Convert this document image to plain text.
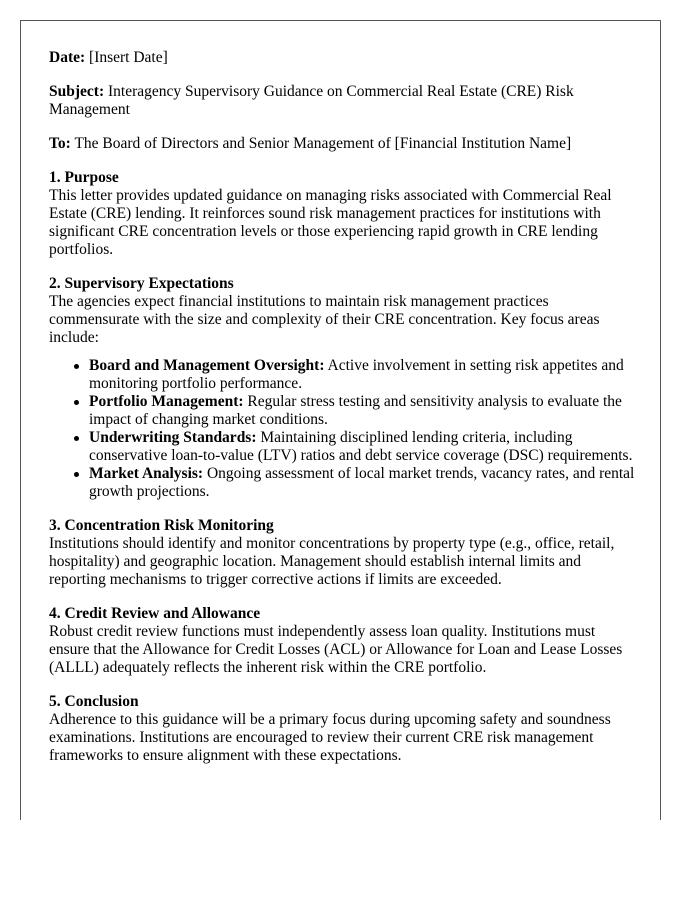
Date: [Insert Date]

Subject: Interagency Supervisory Guidance on Commercial Real Estate (CRE) Risk Management

To: The Board of Directors and Senior Management of [Financial Institution Name]

1. Purpose
This letter provides updated guidance on managing risks associated with Commercial Real Estate (CRE) lending. It reinforces sound risk management practices for institutions with significant CRE concentration levels or those experiencing rapid growth in CRE lending portfolios.
2. Supervisory Expectations
The agencies expect financial institutions to maintain risk management practices commensurate with the size and complexity of their CRE concentration. Key focus areas include:
Board and Management Oversight: Active involvement in setting risk appetites and monitoring portfolio performance.
Portfolio Management: Regular stress testing and sensitivity analysis to evaluate the impact of changing market conditions.
Underwriting Standards: Maintaining disciplined lending criteria, including conservative loan-to-value (LTV) ratios and debt service coverage (DSC) requirements.
Market Analysis: Ongoing assessment of local market trends, vacancy rates, and rental growth projections.
3. Concentration Risk Monitoring
Institutions should identify and monitor concentrations by property type (e.g., office, retail, hospitality) and geographic location. Management should establish internal limits and reporting mechanisms to trigger corrective actions if limits are exceeded.
4. Credit Review and Allowance
Robust credit review functions must independently assess loan quality. Institutions must ensure that the Allowance for Credit Losses (ACL) or Allowance for Loan and Lease Losses (ALLL) adequately reflects the inherent risk within the CRE portfolio.
5. Conclusion
Adherence to this guidance will be a primary focus during upcoming safety and soundness examinations. Institutions are encouraged to review their current CRE risk management frameworks to ensure alignment with these expectations.
